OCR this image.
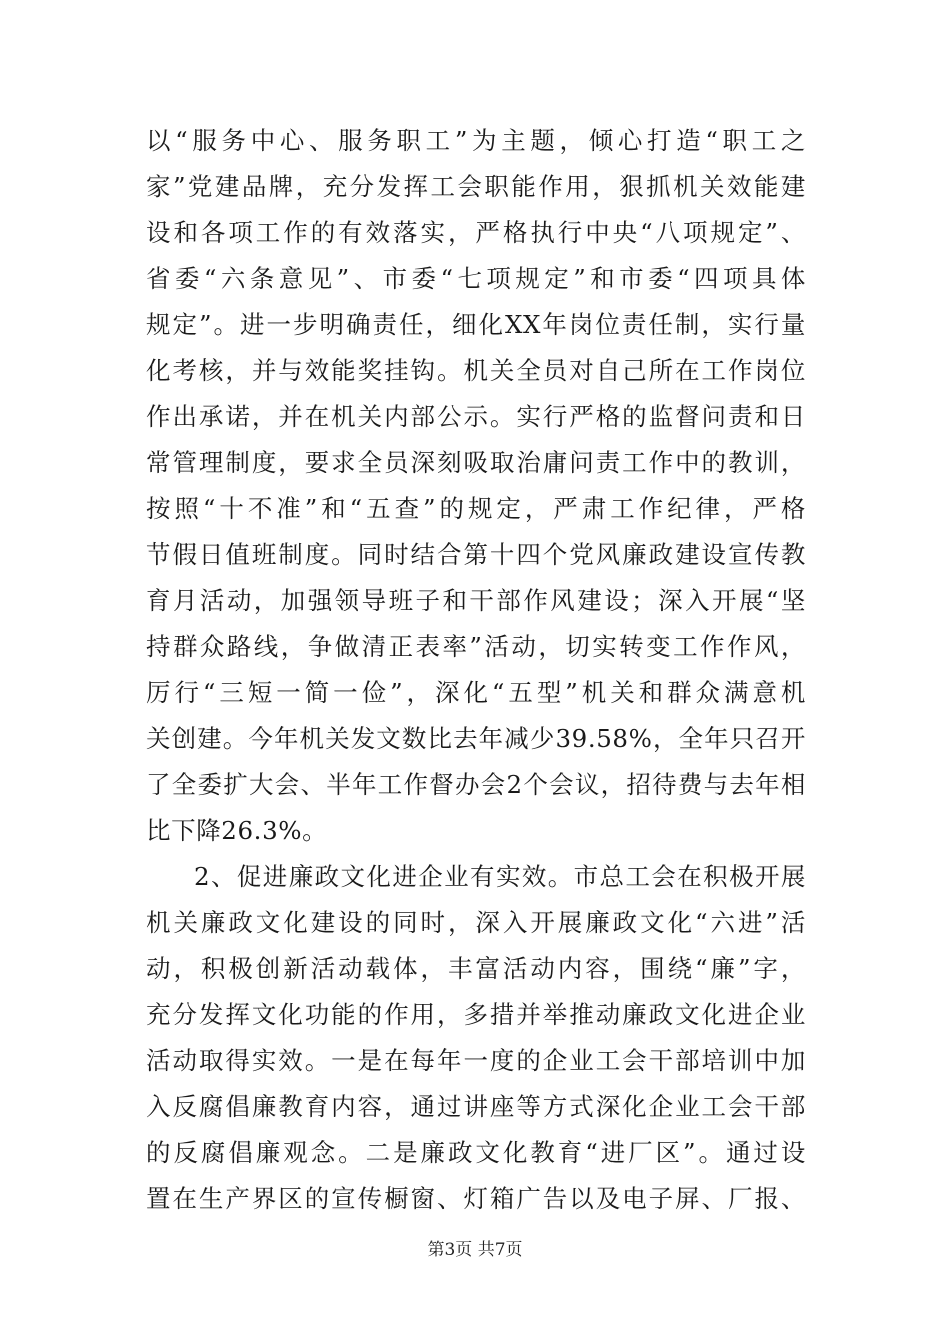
以“服务中心、服务职工”为主题，倾心打造“职工之
家”党建品牌，充分发挥工会职能作用，狠抓机关效能建
设和各项工作的有效落实，严格执行中央“八项规定”、
省委“六条意见”、市委“七项规定”和市委“四项具体
规定”。进一步明确责任，细化XX年岗位责任制，实行量
化考核，并与效能奖挂钩。机关全员对自己所在工作岗位
作出承诺，并在机关内部公示。实行严格的监督问责和日
常管理制度，要求全员深刻吸取治庸问责工作中的教训，
按照“十不准”和“五查”的规定，严肃工作纪律，严格
节假日值班制度。同时结合第十四个党风廉政建设宣传教
育月活动，加强领导班子和干部作风建设；深入开展“坚
持群众路线，争做清正表率”活动，切实转变工作作风，
厉行“三短一简一俭”，深化“五型”机关和群众满意机
关创建。今年机关发文数比去年减少39.58%，全年只召开
了全委扩大会、半年工作督办会2个会议，招待费与去年相
比下降26.3%。
2、促进廉政文化进企业有实效。市总工会在积极开展
机关廉政文化建设的同时，深入开展廉政文化“六进”活
动，积极创新活动载体，丰富活动内容，围绕“廉”字，
充分发挥文化功能的作用，多措并举推动廉政文化进企业
活动取得实效。一是在每年一度的企业工会干部培训中加
入反腐倡廉教育内容，通过讲座等方式深化企业工会干部
的反腐倡廉观念。二是廉政文化教育“进厂区”。通过设
置在生产界区的宣传橱窗、灯箱广告以及电子屏、厂报、
第3页 共7页
